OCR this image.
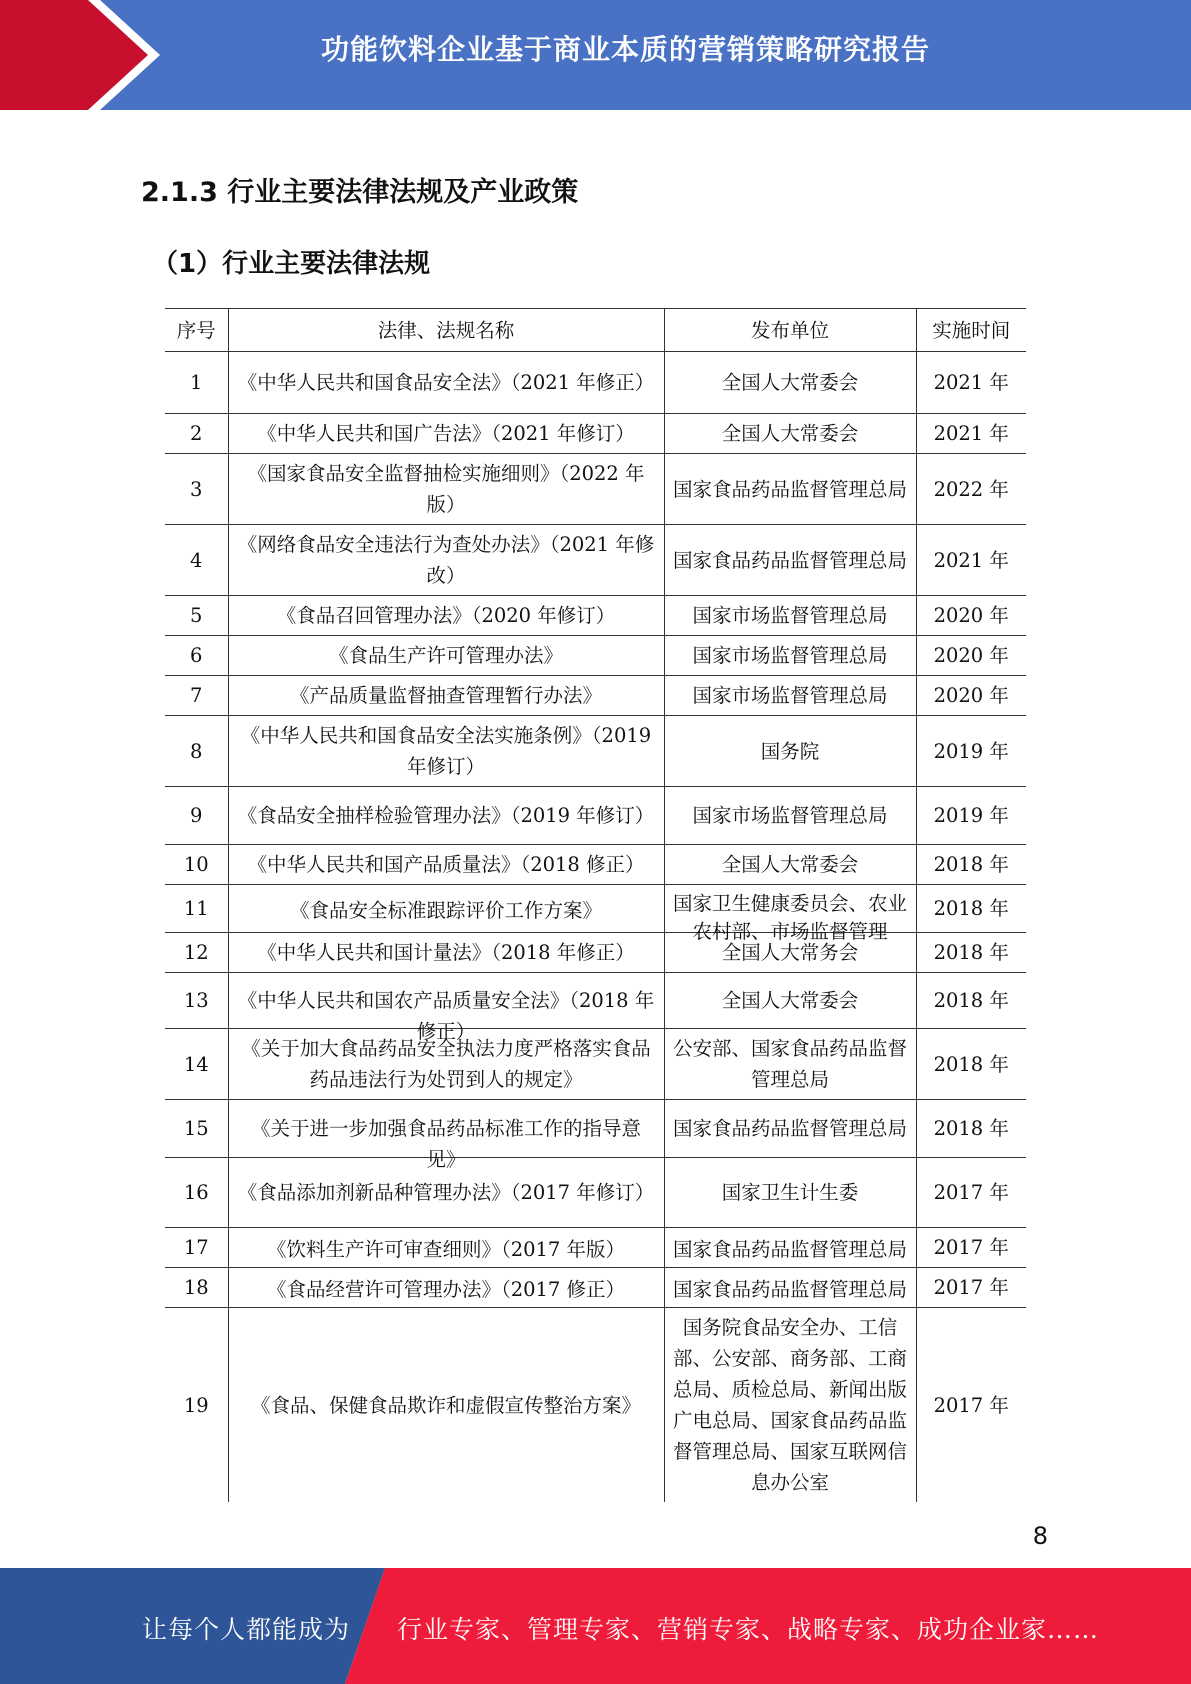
功能饮料企业基于商业本质的营销策略研究报告
2.1.3 行业主要法律法规及产业政策
（1）行业主要法律法规
序号	法律、法规名称	发布单位	实施时间
1	《中华人民共和国食品安全法》（2021 年修正）	全国人大常委会	2021 年
2	《中华人民共和国广告法》（2021 年修订）	全国人大常委会	2021 年
3	《国家食品安全监督抽检实施细则》（2022 年版）	国家食品药品监督管理总局	2022 年
4	《网络食品安全违法行为查处办法》（2021 年修改）	国家食品药品监督管理总局	2021 年
5	《食品召回管理办法》（2020 年修订）	国家市场监督管理总局	2020 年
6	《食品生产许可管理办法》	国家市场监督管理总局	2020 年
7	《产品质量监督抽查管理暂行办法》	国家市场监督管理总局	2020 年
8	《中华人民共和国食品安全法实施条例》（2019 年修订）	国务院	2019 年
9	《食品安全抽样检验管理办法》（2019 年修订）	国家市场监督管理总局	2019 年
10	《中华人民共和国产品质量法》（2018 修正）	全国人大常委会	2018 年
11	《食品安全标准跟踪评价工作方案》	国家卫生健康委员会、农业农村部、市场监督管理	2018 年
12	《中华人民共和国计量法》（2018 年修正）	全国人大常务会	2018 年
13	《中华人民共和国农产品质量安全法》（2018 年修正）	全国人大常委会	2018 年
14	《关于加大食品药品安全执法力度严格落实食品药品违法行为处罚到人的规定》	公安部、国家食品药品监督管理总局	2018 年
15	《关于进一步加强食品药品标准工作的指导意见》	国家食品药品监督管理总局	2018 年
16	《食品添加剂新品种管理办法》（2017 年修订）	国家卫生计生委	2017 年
17	《饮料生产许可审查细则》（2017 年版）	国家食品药品监督管理总局	2017 年
18	《食品经营许可管理办法》（2017 修正）	国家食品药品监督管理总局	2017 年
19	《食品、保健食品欺诈和虚假宣传整治方案》	国务院食品安全办、工信部、公安部、商务部、工商总局、质检总局、新闻出版广电总局、国家食品药品监督管理总局、国家互联网信息办公室	2017 年
8
让每个人都能成为 行业专家、管理专家、营销专家、战略专家、成功企业家……
